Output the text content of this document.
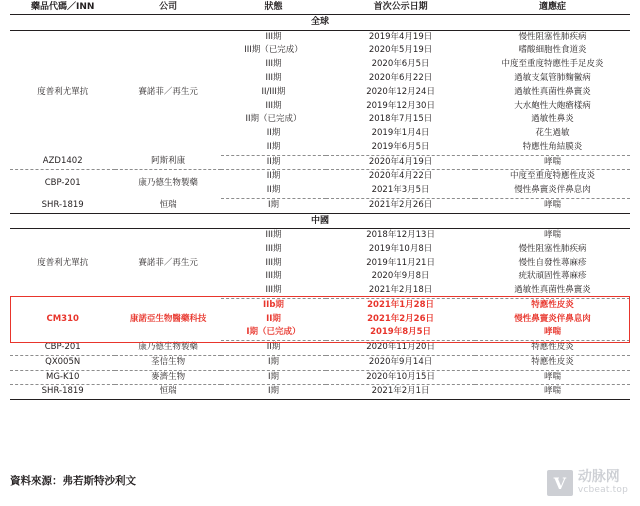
藥品代碼／INN	公司	狀態	首次公示日期	適應症
全球				
度普利尤單抗	賽諾菲／再生元	III期	2019年4月19日	慢性阻塞性肺疾病
		III期（已完成）	2020年5月19日	嗜酸細胞性食道炎
		III期	2020年6月5日	中度至重度特應性手足皮炎
		III期	2020年6月22日	過敏支氣管肺麴黴病
		II/III期	2020年12月24日	過敏性真菌性鼻竇炎
		III期	2019年12月30日	大水皰性大皰瘡樣病
		II期（已完成）	2018年7月15日	過敏性鼻炎
		II期	2019年1月4日	花生過敏
		II期	2019年6月5日	特應性角結膜炎
AZD1402	阿斯利康	II期	2020年4月19日	哮喘
CBP-201	康乃德生物製藥	II期	2020年4月22日	中度至重度特應性皮炎
		II期	2021年3月5日	慢性鼻竇炎伴鼻息肉
SHR-1819	恒瑞	I期	2021年2月26日	哮喘
中國				
度普利尤單抗	賽諾菲／再生元	III期	2018年12月13日	哮喘
		III期	2019年10月8日	慢性阻塞性肺疾病
		III期	2019年11月21日	慢性自發性蕁麻疹
		III期	2020年9月8日	疣狀頑固性蕁麻疹
		III期	2021年2月18日	過敏性真菌性鼻竇炎
CM310	康諾亞生物醫藥科技	IIb期	2021年1月28日	特應性皮炎
		II期	2021年2月26日	慢性鼻竇炎伴鼻息肉
		I期（已完成）	2019年8月5日	哮喘
CBP-201	康乃德生物製藥	II期	2020年11月20日	特應性皮炎
QX005N	荃信生物	I期	2020年9月14日	特應性皮炎
MG-K10	麥濟生物	I期	2020年10月15日	哮喘
SHR-1819	恒瑞	I期	2021年2月1日	哮喘
資料來源：弗若斯特沙利文	V 动脉网
vcbeat.top
